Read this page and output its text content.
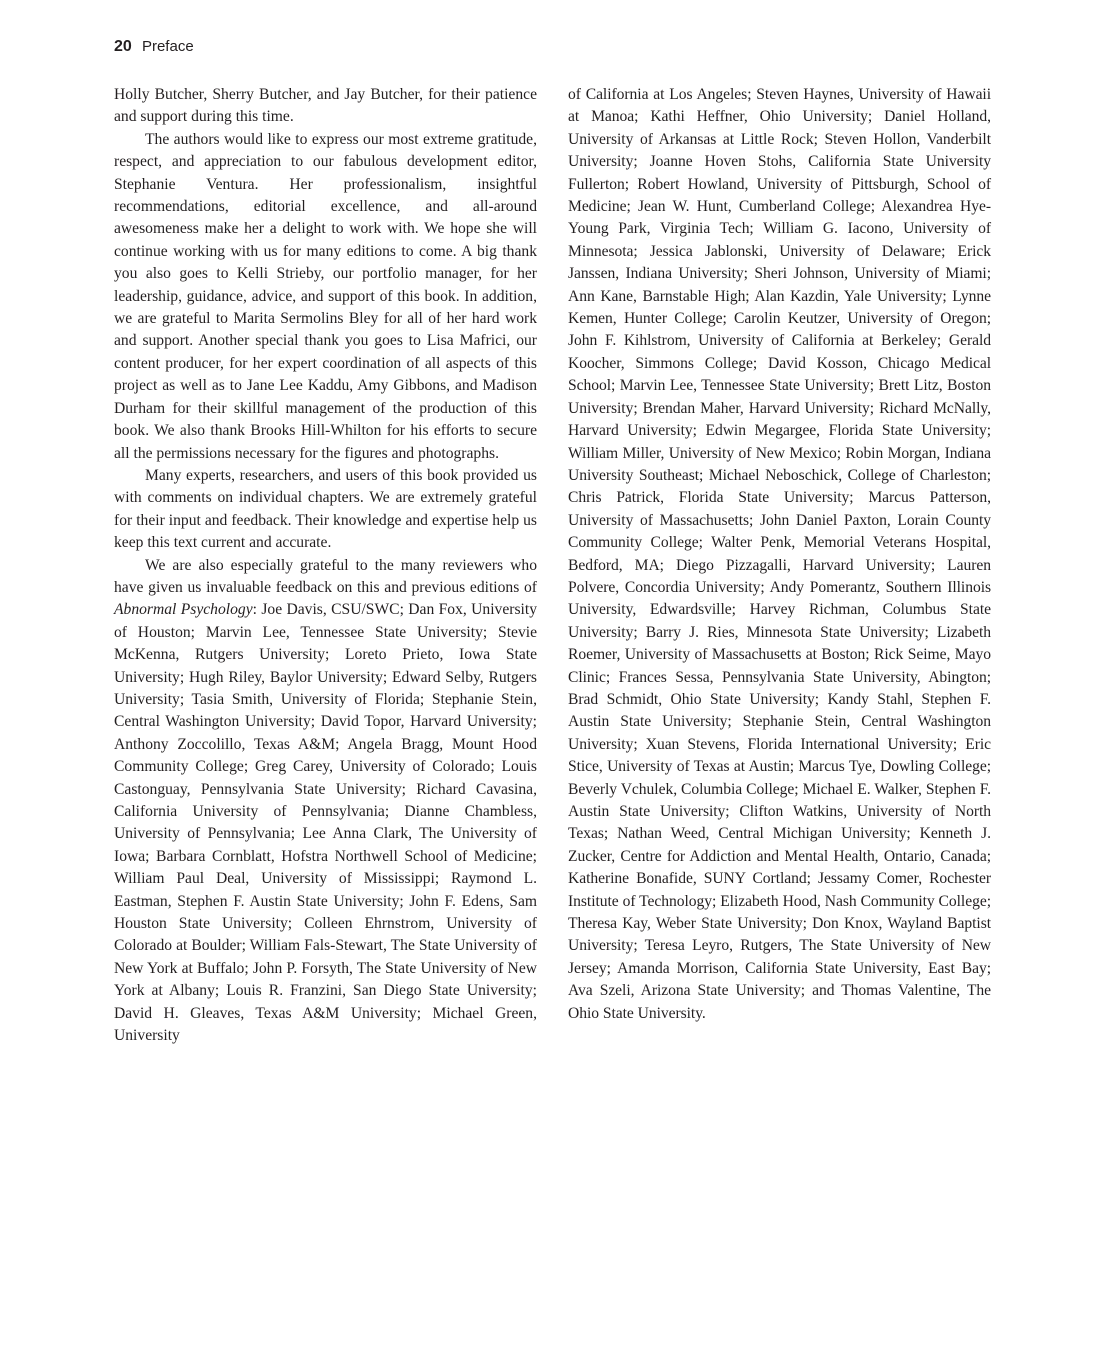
20 Preface

Holly Butcher, Sherry Butcher, and Jay Butcher, for their patience and support during this time.

The authors would like to express our most extreme gratitude, respect, and appreciation to our fabulous development editor, Stephanie Ventura. Her professionalism, insightful recommendations, editorial excellence, and all-around awesomeness make her a delight to work with. We hope she will continue working with us for many editions to come. A big thank you also goes to Kelli Strieby, our portfolio manager, for her leadership, guidance, advice, and support of this book. In addition, we are grateful to Marita Sermolins Bley for all of her hard work and support. Another special thank you goes to Lisa Mafrici, our content producer, for her expert coordination of all aspects of this project as well as to Jane Lee Kaddu, Amy Gibbons, and Madison Durham for their skillful management of the production of this book. We also thank Brooks Hill-Whilton for his efforts to secure all the permissions necessary for the figures and photographs.

Many experts, researchers, and users of this book provided us with comments on individual chapters. We are extremely grateful for their input and feedback. Their knowledge and expertise help us keep this text current and accurate.

We are also especially grateful to the many reviewers who have given us invaluable feedback on this and previous editions of Abnormal Psychology: Joe Davis, CSU/SWC; Dan Fox, University of Houston; Marvin Lee, Tennessee State University; Stevie McKenna, Rutgers University; Loreto Prieto, Iowa State University; Hugh Riley, Baylor University; Edward Selby, Rutgers University; Tasia Smith, University of Florida; Stephanie Stein, Central Washington University; David Topor, Harvard University; Anthony Zoccolillo, Texas A&M; Angela Bragg, Mount Hood Community College; Greg Carey, University of Colorado; Louis Castonguay, Pennsylvania State University; Richard Cavasina, California University of Pennsylvania; Dianne Chambless, University of Pennsylvania; Lee Anna Clark, The University of Iowa; Barbara Cornblatt, Hofstra Northwell School of Medicine; William Paul Deal, University of Mississippi; Raymond L. Eastman, Stephen F. Austin State University; John F. Edens, Sam Houston State University; Colleen Ehrnstrom, University of Colorado at Boulder; William Fals-Stewart, The State University of New York at Buffalo; John P. Forsyth, The State University of New York at Albany; Louis R. Franzini, San Diego State University; David H. Gleaves, Texas A&M University; Michael Green, University

of California at Los Angeles; Steven Haynes, University of Hawaii at Manoa; Kathi Heffner, Ohio University; Daniel Holland, University of Arkansas at Little Rock; Steven Hollon, Vanderbilt University; Joanne Hoven Stohs, California State University Fullerton; Robert Howland, University of Pittsburgh, School of Medicine; Jean W. Hunt, Cumberland College; Alexandrea Hye-Young Park, Virginia Tech; William G. Iacono, University of Minnesota; Jessica Jablonski, University of Delaware; Erick Janssen, Indiana University; Sheri Johnson, University of Miami; Ann Kane, Barnstable High; Alan Kazdin, Yale University; Lynne Kemen, Hunter College; Carolin Keutzer, University of Oregon; John F. Kihlstrom, University of California at Berkeley; Gerald Koocher, Simmons College; David Kosson, Chicago Medical School; Marvin Lee, Tennessee State University; Brett Litz, Boston University; Brendan Maher, Harvard University; Richard McNally, Harvard University; Edwin Megargee, Florida State University; William Miller, University of New Mexico; Robin Morgan, Indiana University Southeast; Michael Neboschick, College of Charleston; Chris Patrick, Florida State University; Marcus Patterson, University of Massachusetts; John Daniel Paxton, Lorain County Community College; Walter Penk, Memorial Veterans Hospital, Bedford, MA; Diego Pizzagalli, Harvard University; Lauren Polvere, Concordia University; Andy Pomerantz, Southern Illinois University, Edwardsville; Harvey Richman, Columbus State University; Barry J. Ries, Minnesota State University; Lizabeth Roemer, University of Massachusetts at Boston; Rick Seime, Mayo Clinic; Frances Sessa, Pennsylvania State University, Abington; Brad Schmidt, Ohio State University; Kandy Stahl, Stephen F. Austin State University; Stephanie Stein, Central Washington University; Xuan Stevens, Florida International University; Eric Stice, University of Texas at Austin; Marcus Tye, Dowling College; Beverly Vchulek, Columbia College; Michael E. Walker, Stephen F. Austin State University; Clifton Watkins, University of North Texas; Nathan Weed, Central Michigan University; Kenneth J. Zucker, Centre for Addiction and Mental Health, Ontario, Canada; Katherine Bonafide, SUNY Cortland; Jessamy Comer, Rochester Institute of Technology; Elizabeth Hood, Nash Community College; Theresa Kay, Weber State University; Don Knox, Wayland Baptist University; Teresa Leyro, Rutgers, The State University of New Jersey; Amanda Morrison, California State University, East Bay; Ava Szeli, Arizona State University; and Thomas Valentine, The Ohio State University.
